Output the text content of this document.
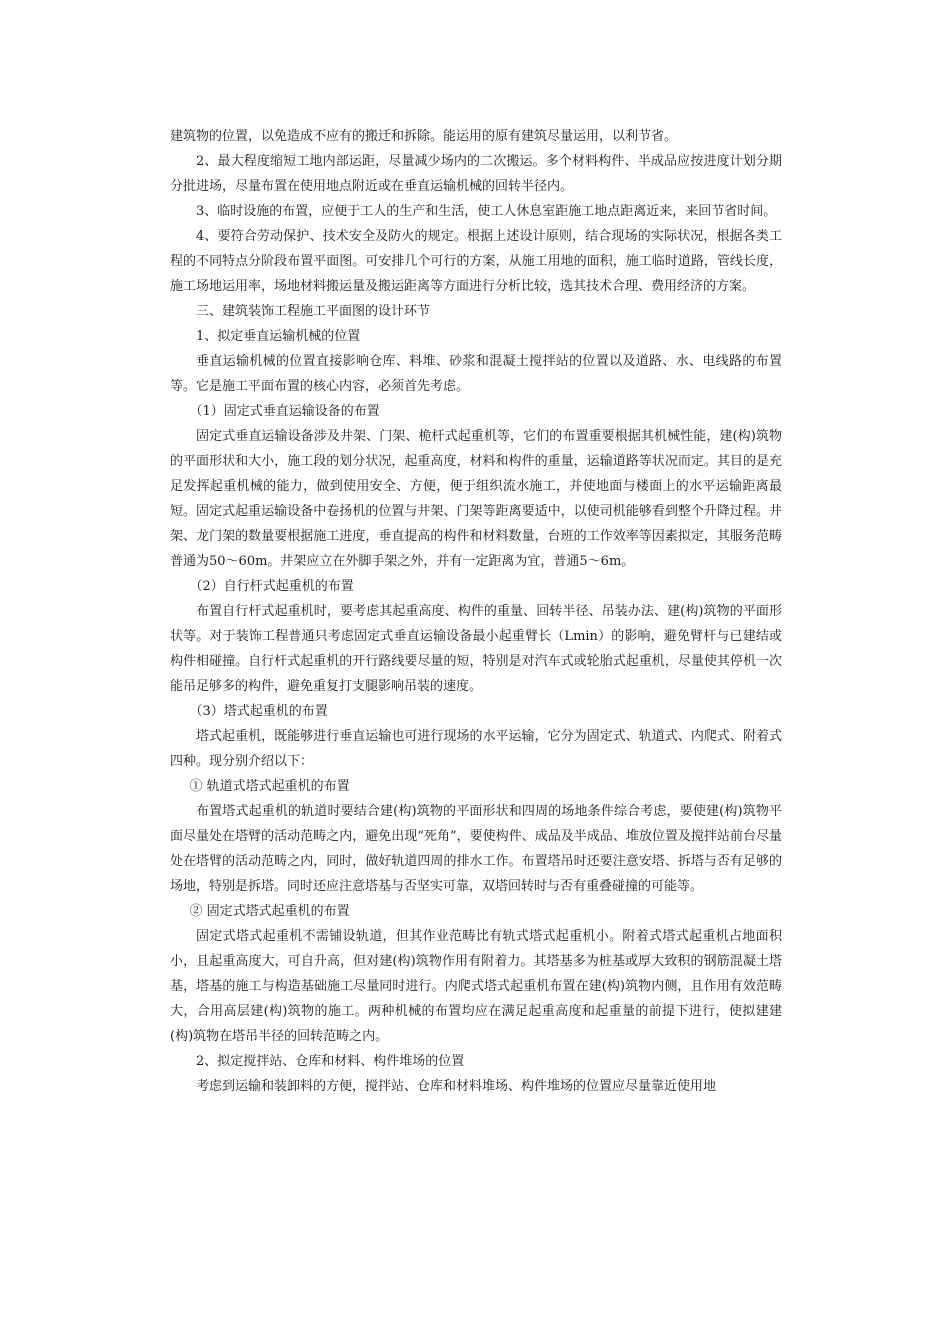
建筑物的位置，以免造成不应有的搬迁和拆除。能运用的原有建筑尽量运用，以利节省。

2、最大程度缩短工地内部运距，尽量减少场内的二次搬运。多个材料构件、半成品应按进度计划分期分批进场，尽量布置在使用地点附近或在垂直运输机械的回转半径内。

3、临时设施的布置，应便于工人的生产和生活，使工人休息室距施工地点距离近来，来回节省时间。

4、要符合劳动保护、技术安全及防火的规定。根据上述设计原则，结合现场的实际状况，根据各类工程的不同特点分阶段布置平面图。可安排几个可行的方案，从施工用地的面积，施工临时道路，管线长度，施工场地运用率，场地材料搬运量及搬运距离等方面进行分析比较，选其技术合理、费用经济的方案。

三、建筑装饰工程施工平面图的设计环节

1、拟定垂直运输机械的位置

垂直运输机械的位置直接影响仓库、料堆、砂浆和混凝土搅拌站的位置以及道路、水、电线路的布置等。它是施工平面布置的核心内容，必须首先考虑。

（1）固定式垂直运输设备的布置

固定式垂直运输设备涉及井架、门架、桅杆式起重机等，它们的布置重要根据其机械性能，建(构)筑物的平面形状和大小，施工段的划分状况，起重高度，材料和构件的重量，运输道路等状况而定。其目的是充足发挥起重机械的能力，做到使用安全、方便，便于组织流水施工，并使地面与楼面上的水平运输距离最短。固定式起重运输设备中卷扬机的位置与井架、门架等距离要适中，以使司机能够看到整个升降过程。井架、龙门架的数量要根据施工进度，垂直提高的构件和材料数量，台班的工作效率等因素拟定，其服务范畴普通为50～60m。井架应立在外脚手架之外，并有一定距离为宜，普通5～6m。

（2）自行杆式起重机的布置

布置自行杆式起重机时，要考虑其起重高度、构件的重量、回转半径、吊装办法、建(构)筑物的平面形状等。对于装饰工程普通只考虑固定式垂直运输设备最小起重臂长（Lmin）的影响，避免臂杆与已建结或构件相碰撞。自行杆式起重机的开行路线要尽量的短，特别是对汽车式或轮胎式起重机，尽量使其停机一次能吊足够多的构件，避免重复打支腿影响吊装的速度。

（3）塔式起重机的布置

塔式起重机，既能够进行垂直运输也可进行现场的水平运输，它分为固定式、轨道式、内爬式、附着式四种。现分别介绍以下：

① 轨道式塔式起重机的布置

布置塔式起重机的轨道时要结合建(构)筑物的平面形状和四周的场地条件综合考虑，要使建(构)筑物平面尽量处在塔臂的活动范畴之内，避免出现“死角”，要使构件、成品及半成品、堆放位置及搅拌站前台尽量处在塔臂的活动范畴之内，同时，做好轨道四周的排水工作。布置塔吊时还要注意安塔、拆塔与否有足够的场地，特别是拆塔。同时还应注意塔基与否坚实可靠，双塔回转时与否有重叠碰撞的可能等。

② 固定式塔式起重机的布置

固定式塔式起重机不需铺设轨道，但其作业范畴比有轨式塔式起重机小。附着式塔式起重机占地面积小，且起重高度大，可自升高，但对建(构)筑物作用有附着力。其塔基多为桩基或厚大致积的钢筋混凝土塔基，塔基的施工与构造基础施工尽量同时进行。内爬式塔式起重机布置在建(构)筑物内侧，且作用有效范畴大，合用高层建(构)筑物的施工。两种机械的布置均应在满足起重高度和起重量的前提下进行，使拟建建(构)筑物在塔吊半径的回转范畴之内。

2、拟定搅拌站、仓库和材料、构件堆场的位置

考虑到运输和装卸料的方便，搅拌站、仓库和材料堆场、构件堆场的位置应尽量靠近使用地
